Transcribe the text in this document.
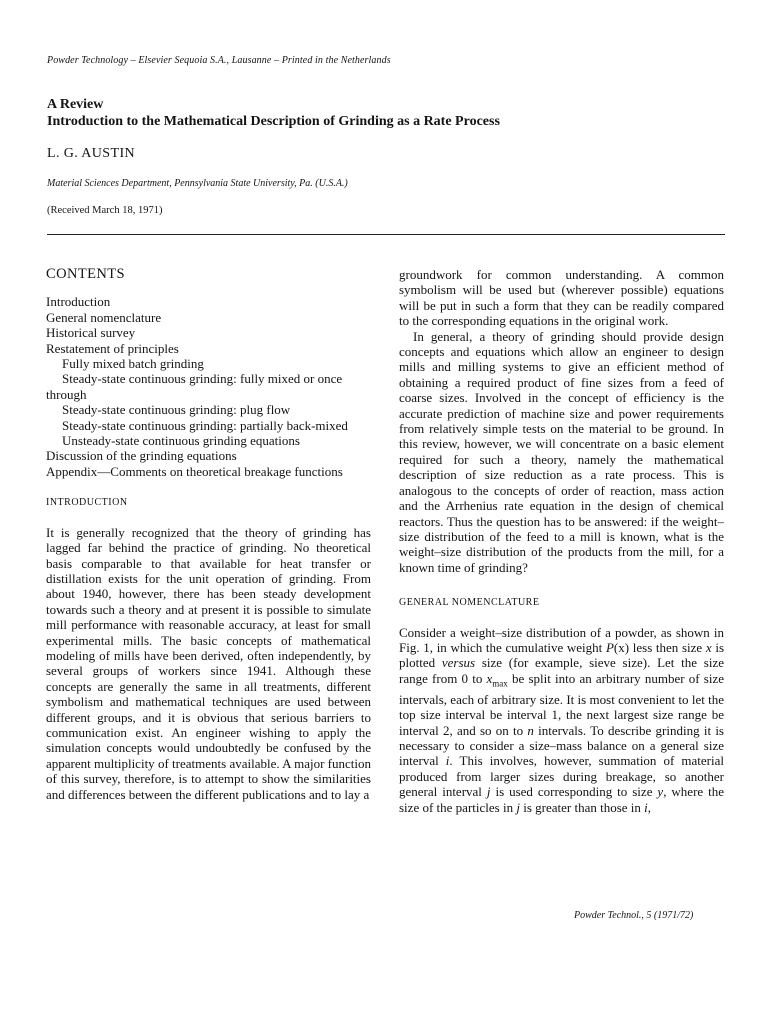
Powder Technology – Elsevier Sequoia S.A., Lausanne – Printed in the Netherlands
A Review
Introduction to the Mathematical Description of Grinding as a Rate Process
L. G. AUSTIN
Material Sciences Department, Pennsylvania State University, Pa. (U.S.A.)
(Received March 18, 1971)
CONTENTS
Introduction
General nomenclature
Historical survey
Restatement of principles
Fully mixed batch grinding
Steady-state continuous grinding: fully mixed or once through
Steady-state continuous grinding: plug flow
Steady-state continuous grinding: partially back-mixed
Unsteady-state continuous grinding equations
Discussion of the grinding equations
Appendix—Comments on theoretical breakage functions
INTRODUCTION

It is generally recognized that the theory of grinding has lagged far behind the practice of grinding. No theoretical basis comparable to that available for heat transfer or distillation exists for the unit operation of grinding. From about 1940, however, there has been steady development towards such a theory and at present it is possible to simulate mill performance with reasonable accuracy, at least for small experimental mills. The basic concepts of mathematical modeling of mills have been derived, often independently, by several groups of workers since 1941. Although these concepts are generally the same in all treatments, different symbolism and mathematical techniques are used between different groups, and it is obvious that serious barriers to communication exist. An engineer wishing to apply the simulation concepts would undoubtedly be confused by the apparent multiplicity of treatments available. A major function of this survey, therefore, is to attempt to show the similarities and differences between the different publications and to lay a

groundwork for common understanding. A common symbolism will be used but (wherever possible) equations will be put in such a form that they can be readily compared to the corresponding equations in the original work.

In general, a theory of grinding should provide design concepts and equations which allow an engineer to design mills and milling systems to give an efficient method of obtaining a required product of fine sizes from a feed of coarse sizes. Involved in the concept of efficiency is the accurate prediction of machine size and power requirements from relatively simple tests on the material to be ground. In this review, however, we will concentrate on a basic element required for such a theory, namely the mathematical description of size reduction as a rate process. This is analogous to the concepts of order of reaction, mass action and the Arrhenius rate equation in the design of chemical reactors. Thus the question has to be answered: if the weight–size distribution of the feed to a mill is known, what is the weight–size distribution of the products from the mill, for a known time of grinding?

GENERAL NOMENCLATURE

Consider a weight–size distribution of a powder, as shown in Fig. 1, in which the cumulative weight P(x) less then size x is plotted versus size (for example, sieve size). Let the size range from 0 to $x_{max}$ be split into an arbitrary number of size intervals, each of arbitrary size. It is most convenient to let the top size interval be interval 1, the next largest size range be interval 2, and so on to n intervals. To describe grinding it is necessary to consider a size–mass balance on a general size interval i. This involves, however, summation of material produced from larger sizes during breakage, so another general interval j is used corresponding to size y, where the size of the particles in j is greater than those in i,

Powder Technol., 5 (1971/72)
